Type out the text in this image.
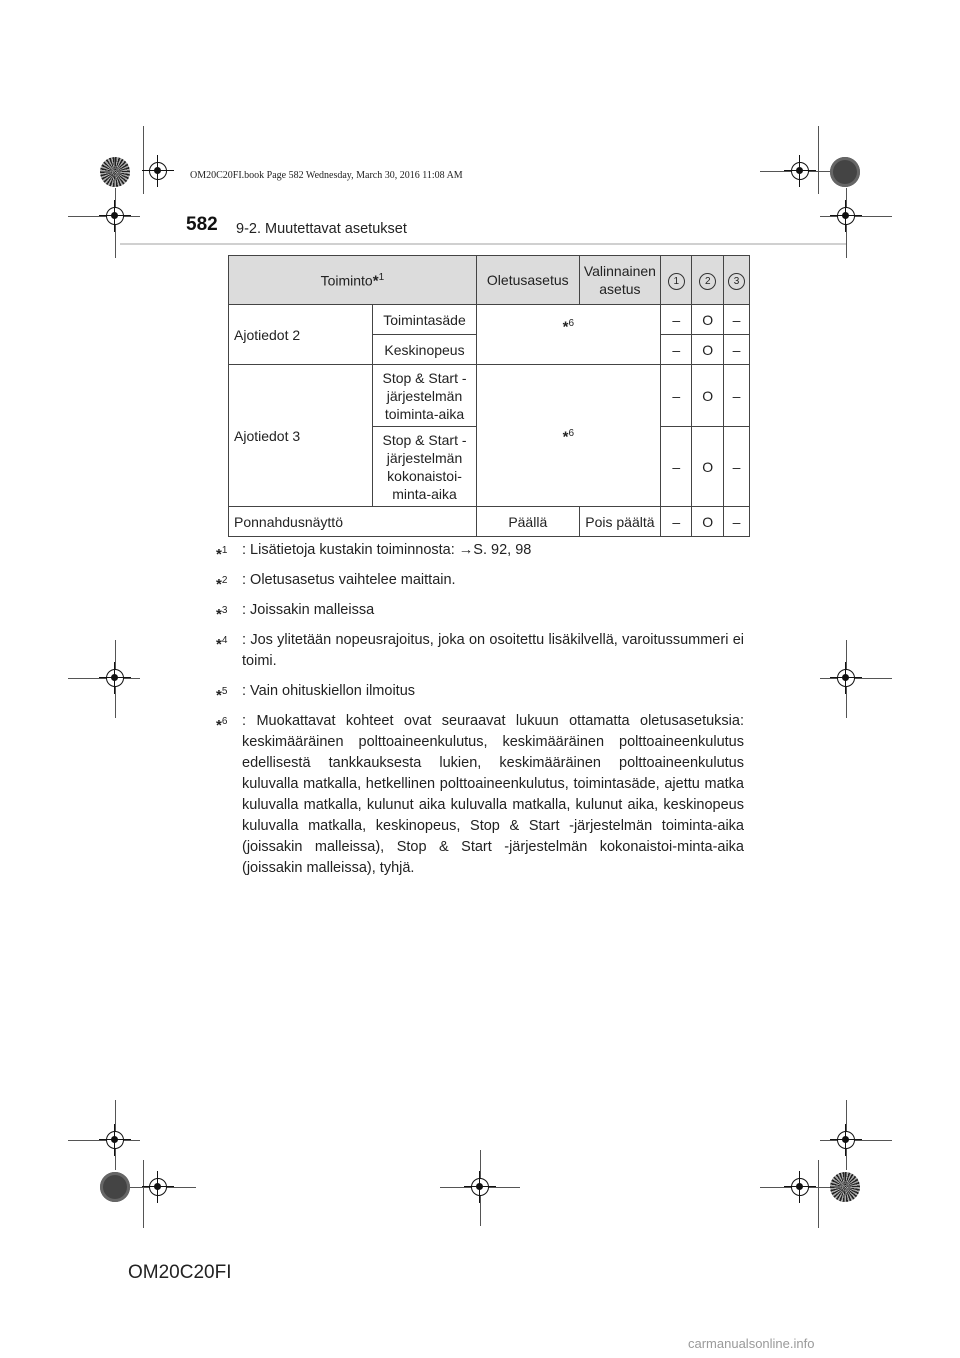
OM20C20FI.book Page 582 Wednesday, March 30, 2016 11:08 AM
582 9-2. Muutettavat asetukset
Toiminto*$^1$		Oletusasetus	Valinnainen asetus	1	2	3
Ajotiedot 2	Toimintasäde	*$^6$		–	O	–
	Keskinopeus			–	O	–
Ajotiedot 3	Stop & Start -järjestelmän toiminta-aika	*$^6$		–	O	–
	Stop & Start -järjestelmän kokonaistoi-minta-aika			–	O	–
Ponnahdusnäyttö		Päällä	Pois päältä	–	O	–
*$^1$ : Lisätietoja kustakin toiminnosta: →S. 92, 98
*$^2$ : Oletusasetus vaihtelee maittain.
*$^3$ : Joissakin malleissa
*$^4$ : Jos ylitetään nopeusrajoitus, joka on osoitettu lisäkilvellä, varoitussummeri ei toimi.
*$^5$ : Vain ohituskiellon ilmoitus
*$^6$ : Muokattavat kohteet ovat seuraavat lukuun ottamatta oletusasetuksia: keskimääräinen polttoaineenkulutus, keskimääräinen polttoaineenkulutus edellisestä tankkauksesta lukien, keskimääräinen polttoaineenkulutus kuluvalla matkalla, hetkellinen polttoaineenkulutus, toimintasäde, ajettu matka kuluvalla matkalla, kulunut aika kuluvalla matkalla, kulunut aika, keskinopeus kuluvalla matkalla, keskinopeus, Stop & Start -järjestelmän toiminta-aika (joissakin malleissa), Stop & Start -järjestelmän kokonaistoi-minta-aika (joissakin malleissa), tyhjä.
OM20C20FI
carmanualsonline.info
